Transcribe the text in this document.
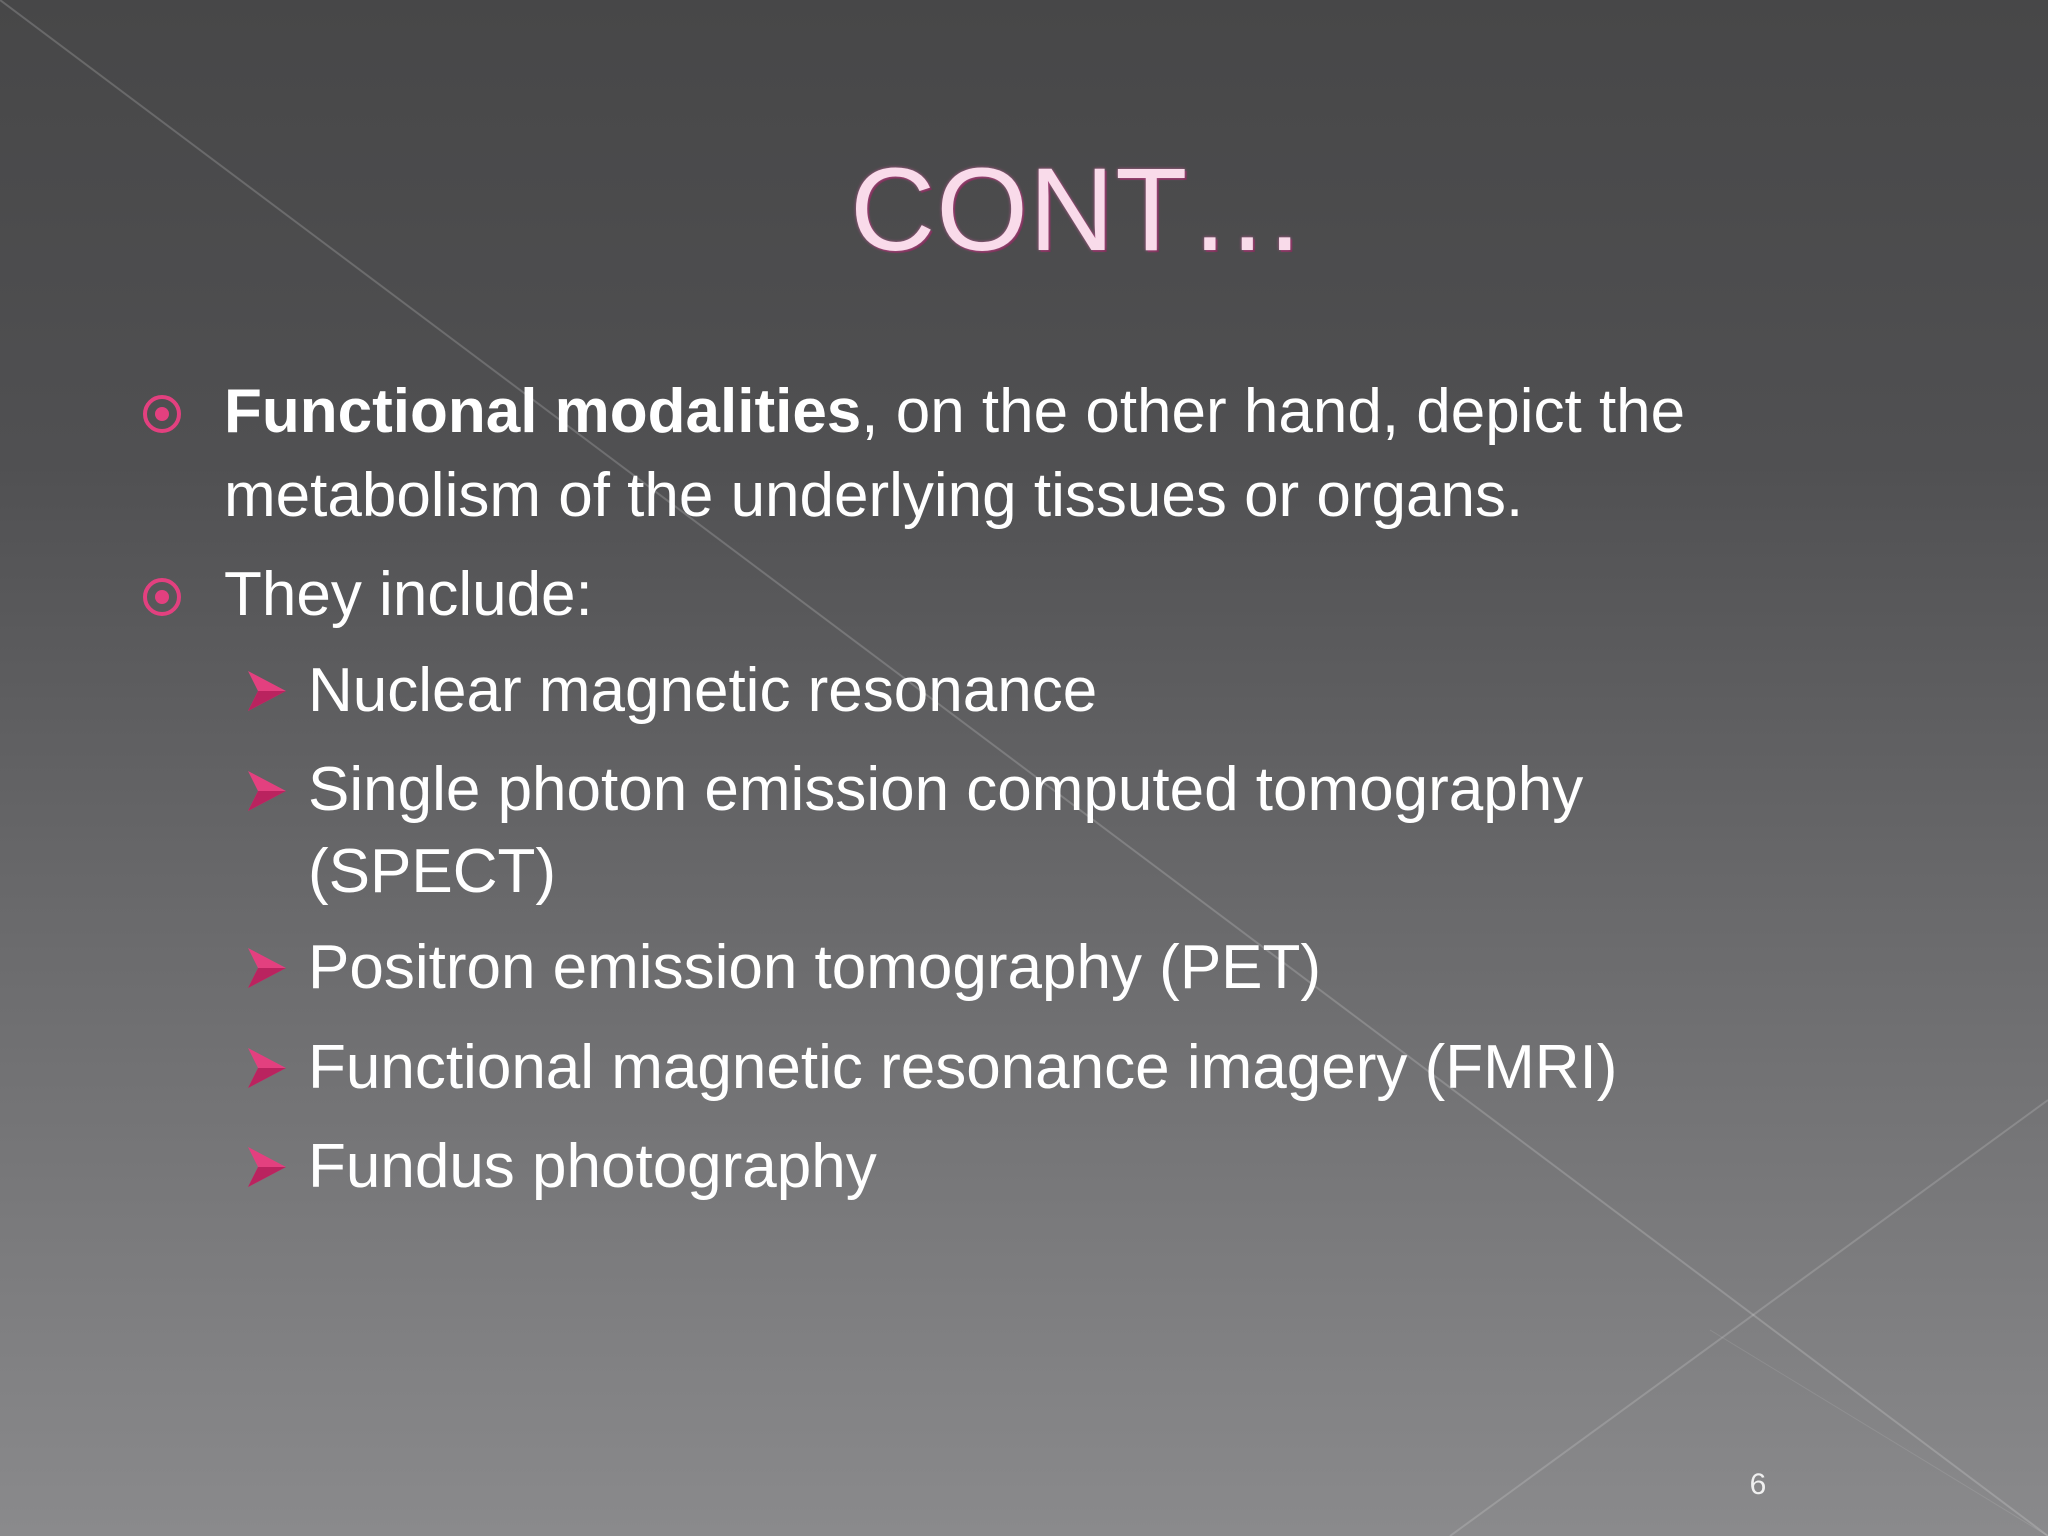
CONT…
Functional modalities, on the other hand, depict the metabolism of the underlying tissues or organs.
They include:
Nuclear magnetic resonance
Single photon emission computed tomography (SPECT)
Positron emission tomography (PET)
Functional magnetic resonance imagery (FMRI)
Fundus photography
6
